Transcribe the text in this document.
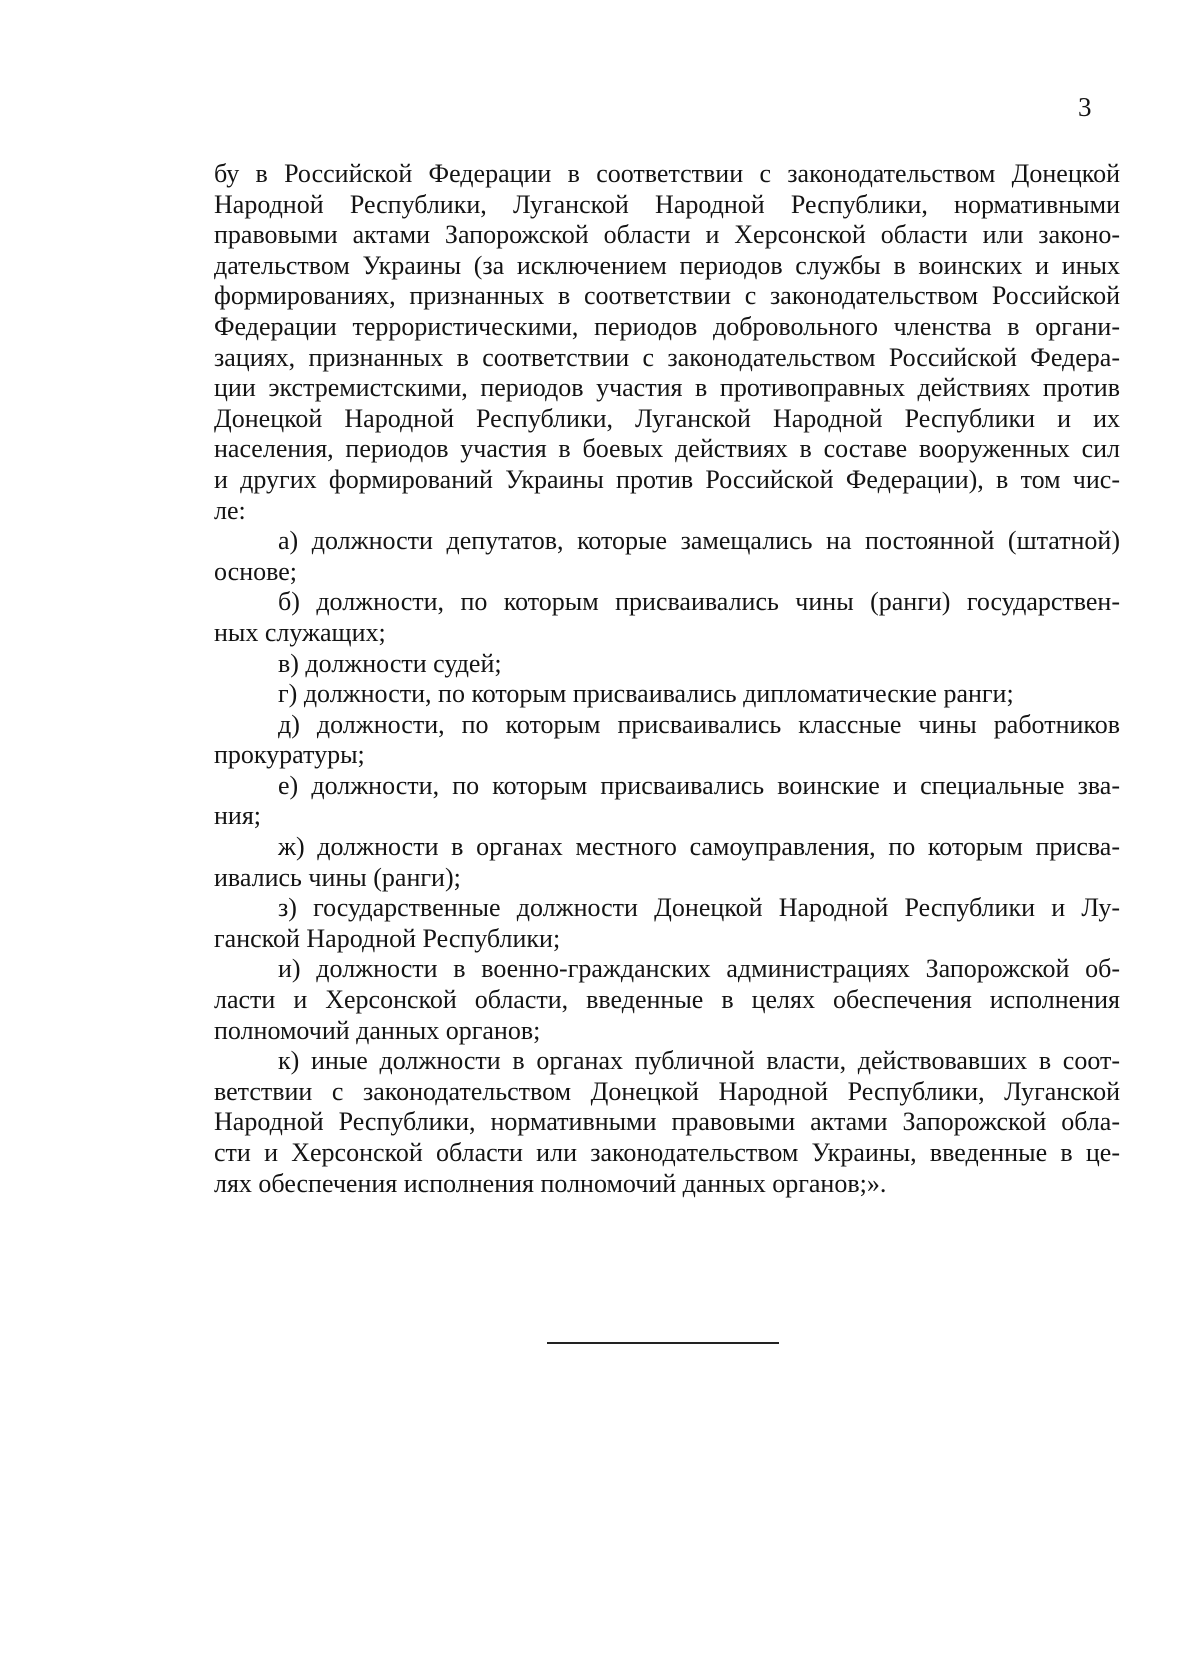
3

бу в Российской Федерации в соответствии с законодательством Донецкой
Народной Республики, Луганской Народной Республики, нормативными
правовыми актами Запорожской области и Херсонской области или законо-
дательством Украины (за исключением периодов службы в воинских и иных
формированиях, признанных в соответствии с законодательством Российской
Федерации террористическими, периодов добровольного членства в органи-
зациях, признанных в соответствии с законодательством Российской Федера-
ции экстремистскими, периодов участия в противоправных действиях против
Донецкой Народной Республики, Луганской Народной Республики и их
населения, периодов участия в боевых действиях в составе вооруженных сил
и других формирований Украины против Российской Федерации), в том чис-
ле:
а) должности депутатов, которые замещались на постоянной (штатной)
основе;
б) должности, по которым присваивались чины (ранги) государствен-
ных служащих;
в) должности судей;
г) должности, по которым присваивались дипломатические ранги;
д) должности, по которым присваивались классные чины работников
прокуратуры;
е) должности, по которым присваивались воинские и специальные зва-
ния;
ж) должности в органах местного самоуправления, по которым присва-
ивались чины (ранги);
з) государственные должности Донецкой Народной Республики и Лу-
ганской Народной Республики;
и) должности в военно-гражданских администрациях Запорожской об-
ласти и Херсонской области, введенные в целях обеспечения исполнения
полномочий данных органов;
к) иные должности в органах публичной власти, действовавших в соот-
ветствии с законодательством Донецкой Народной Республики, Луганской
Народной Республики, нормативными правовыми актами Запорожской обла-
сти и Херсонской области или законодательством Украины, введенные в це-
лях обеспечения исполнения полномочий данных органов;».
